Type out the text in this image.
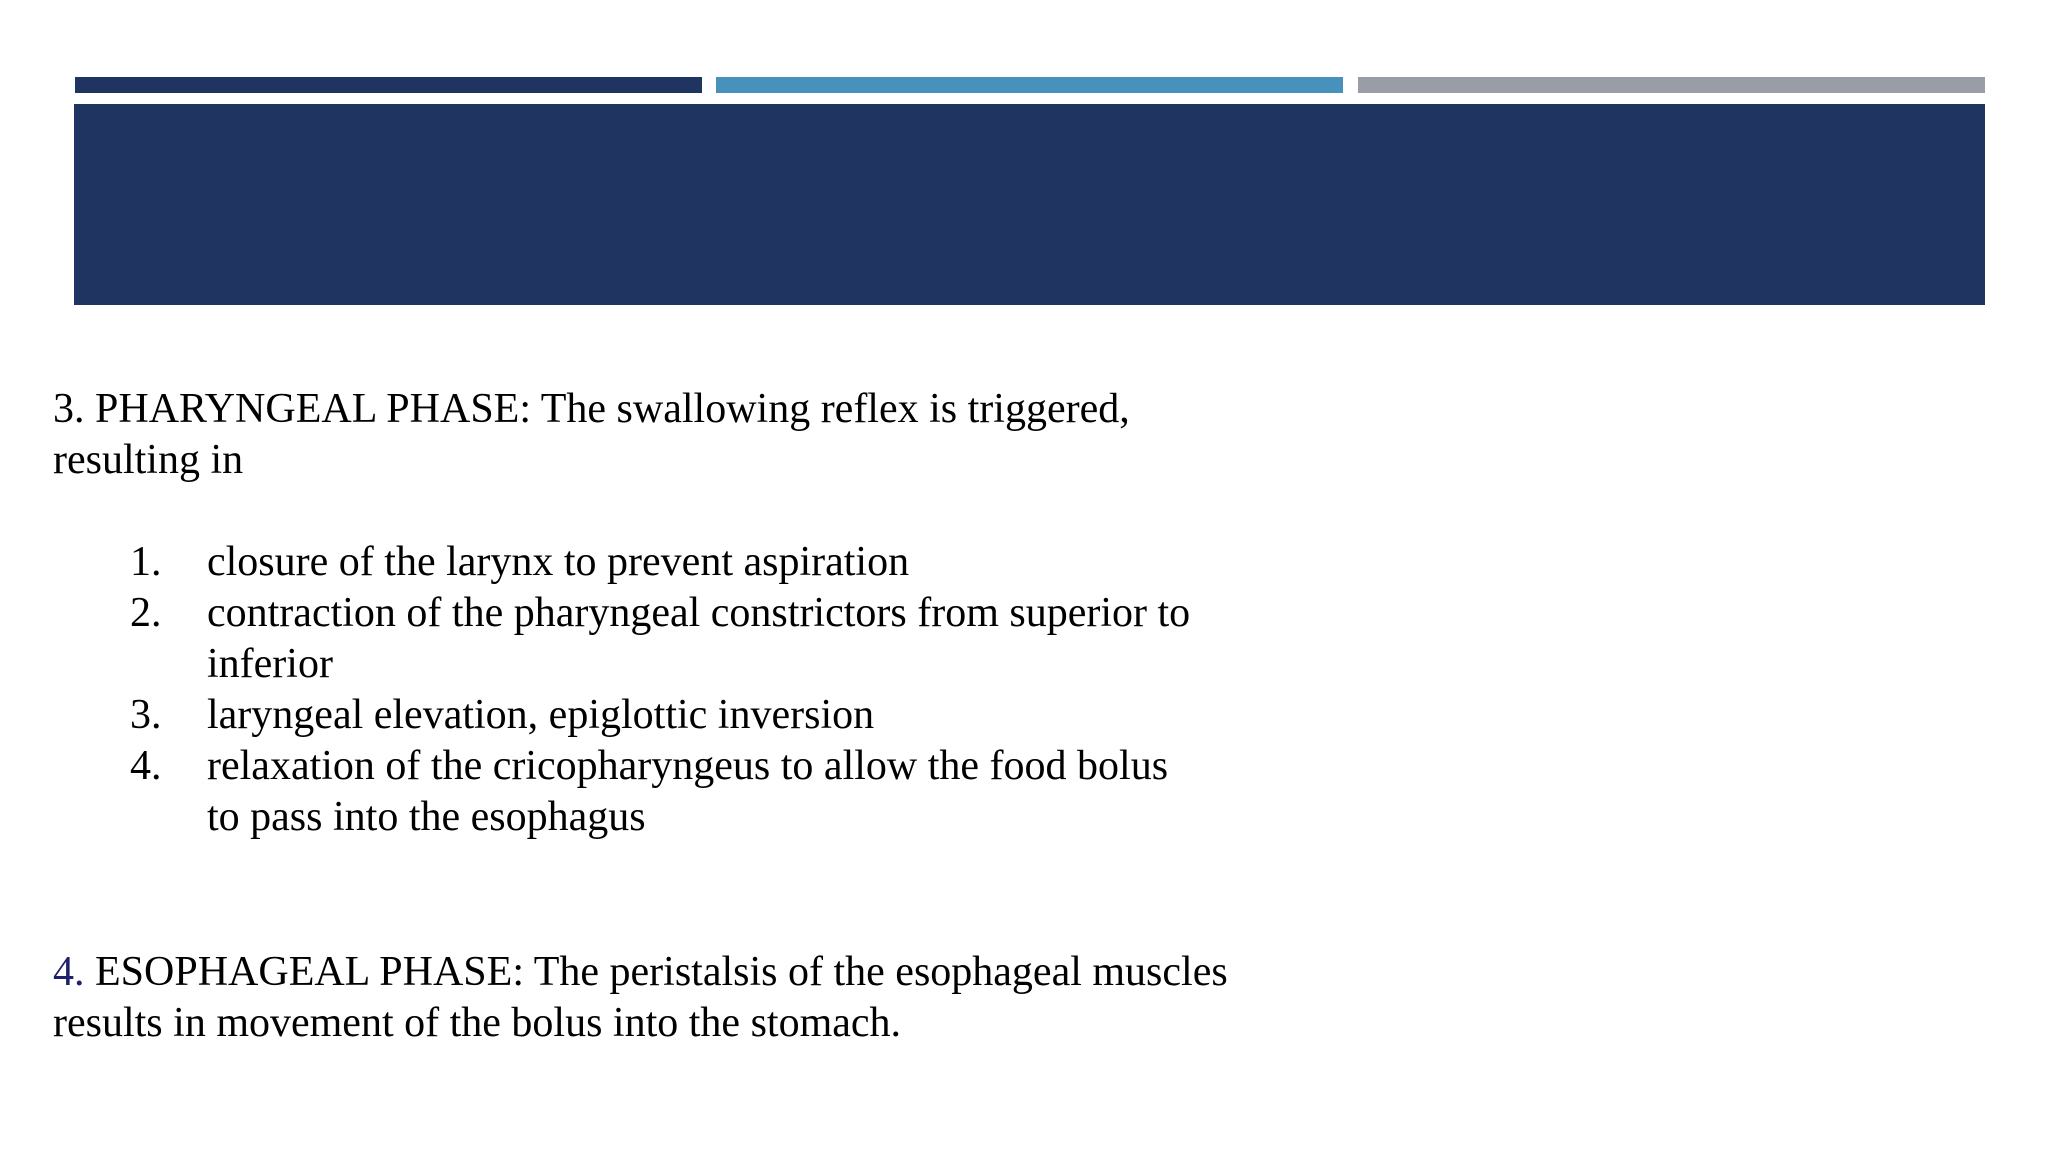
3. PHARYNGEAL PHASE: The swallowing reflex is triggered, resulting in

1.	closure of the larynx to prevent aspiration
2.	contraction of the pharyngeal constrictors from superior to inferior
3.	laryngeal elevation, epiglottic inversion
4.	relaxation of the cricopharyngeus to allow the food bolus to pass into the esophagus

4. ESOPHAGEAL PHASE: The peristalsis of the esophageal muscles results in movement of the bolus into the stomach.
